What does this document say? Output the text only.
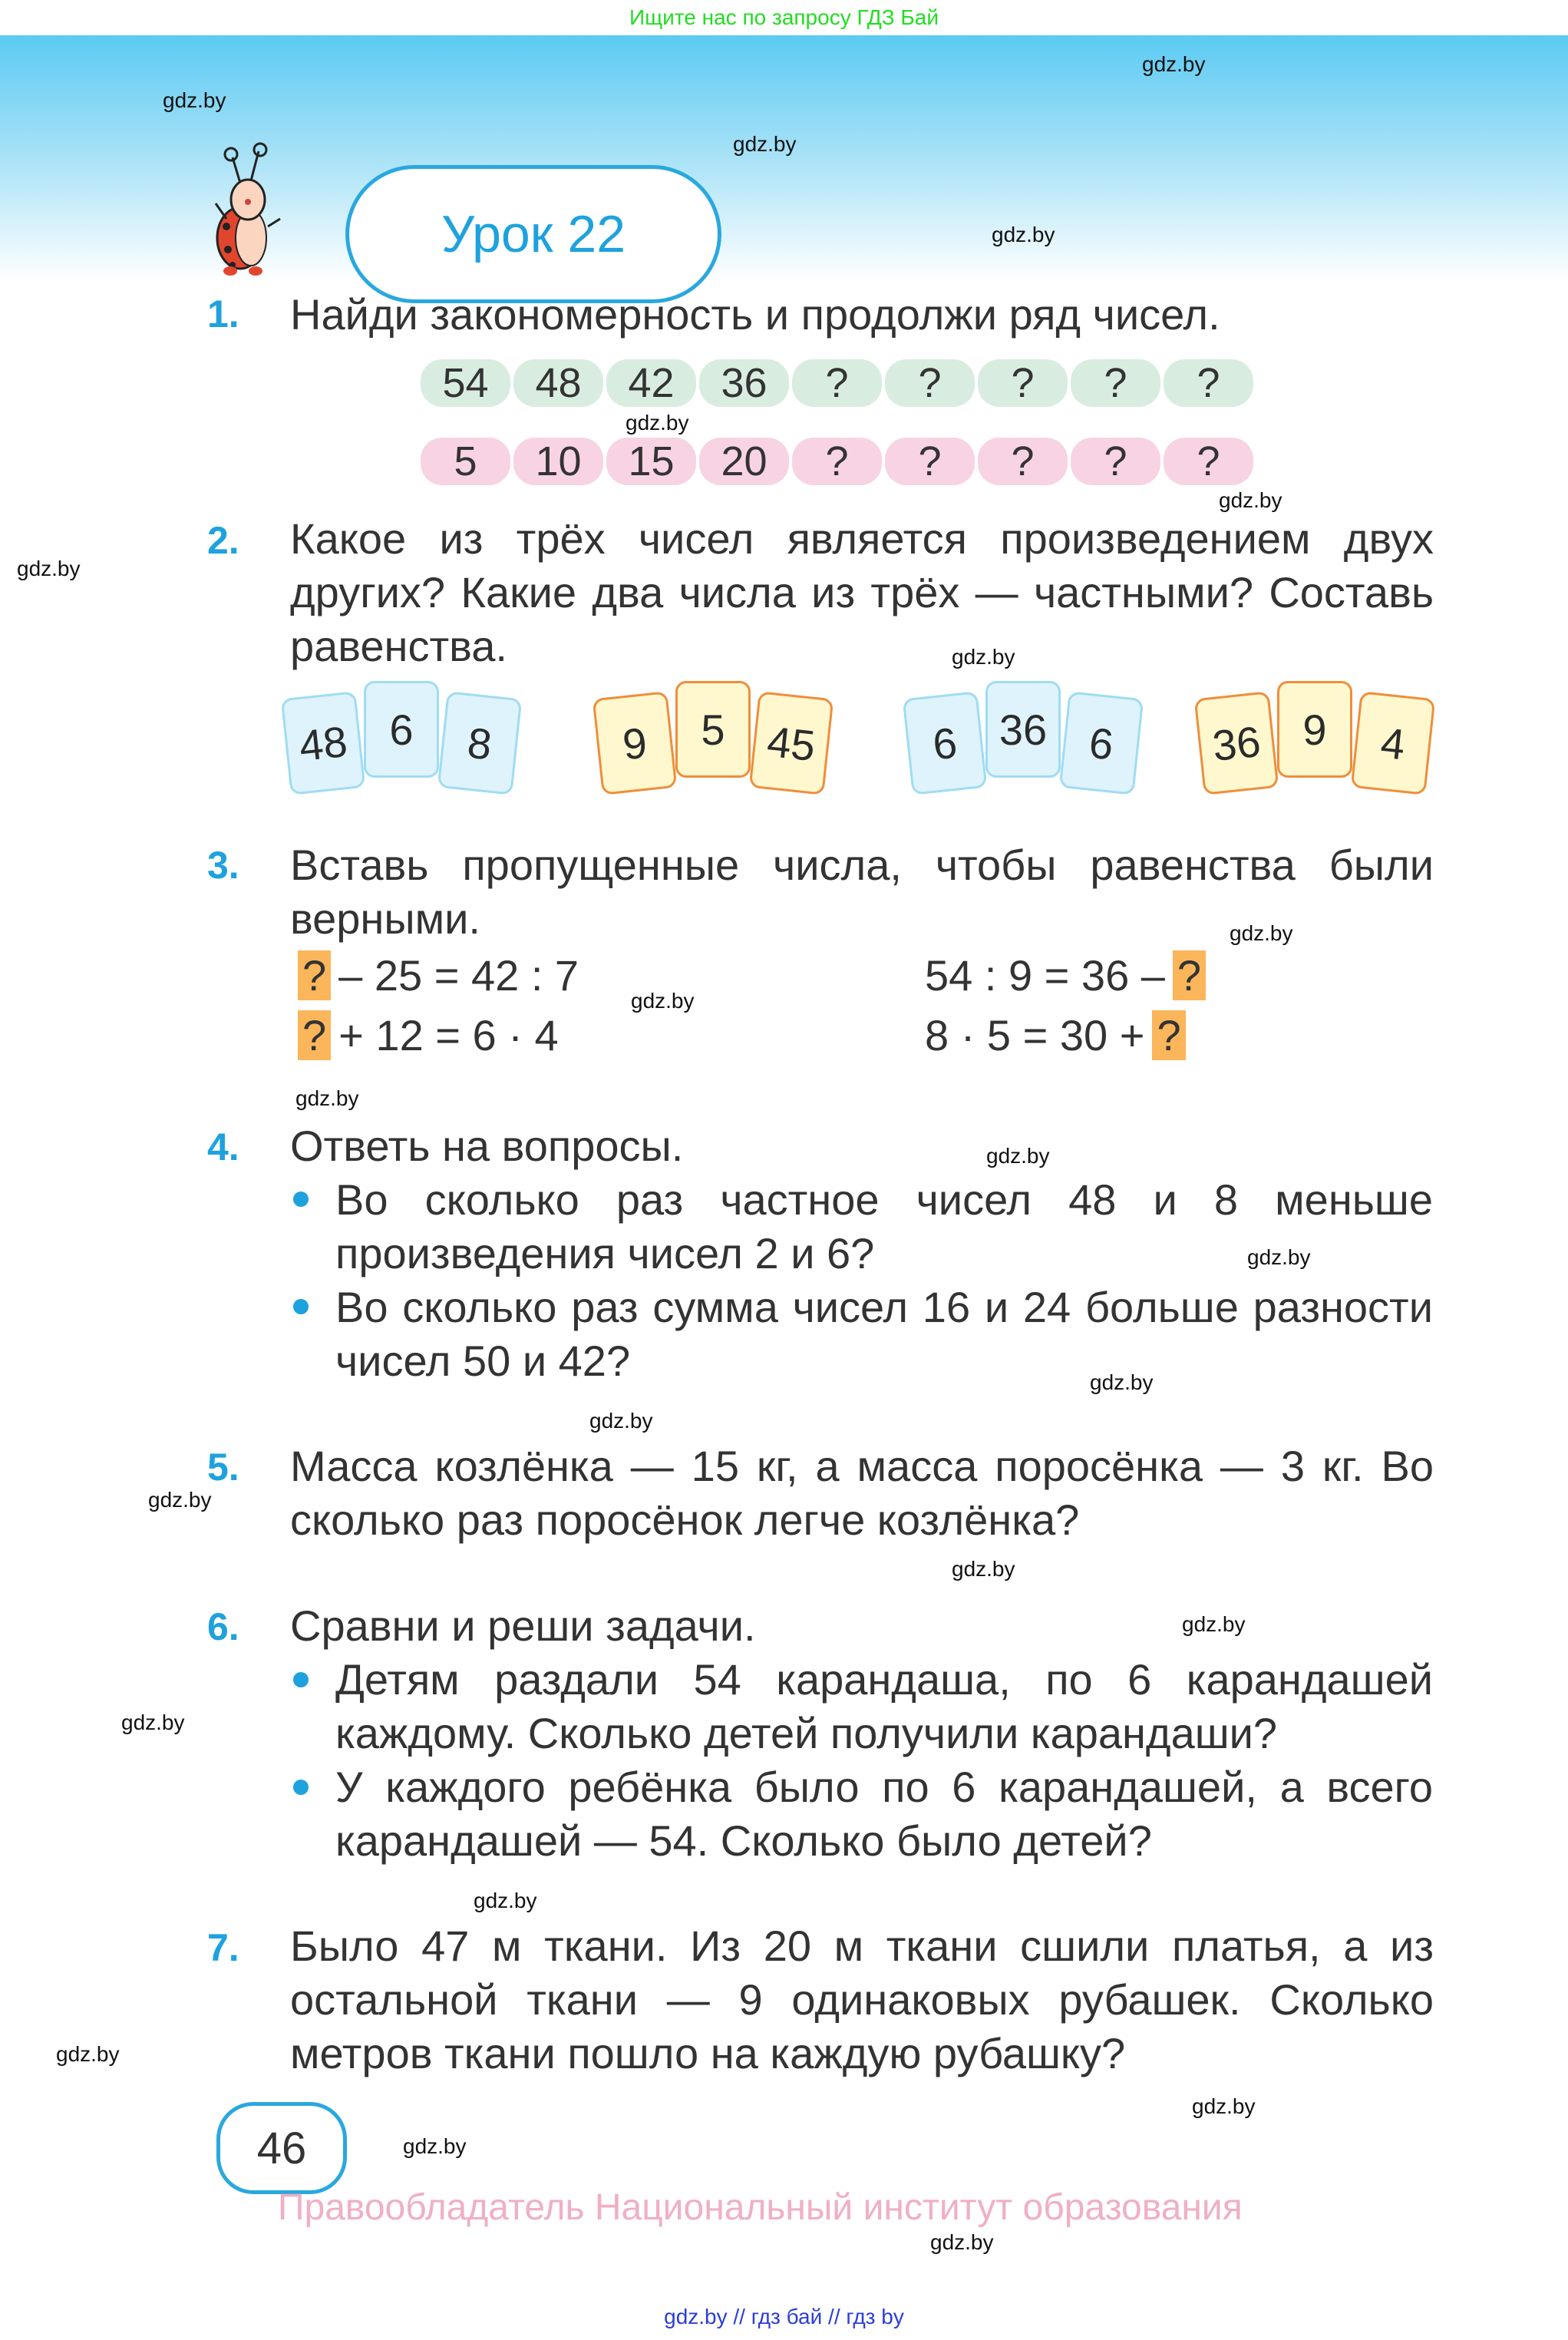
Ищите нас по запросу ГДЗ Бай
gdz.by
gdz.by
gdz.by
gdz.by
Урок 22
1. Найди закономерность и продолжи ряд чисел.
54	48	42	36	?	?	?	?	?
gdz.by
5	10	15	20	?	?	?	?	?
gdz.by
gdz.by
2. Какое из трёх чисел является произведением двух других? Какие два числа из трёх — частными? Составь равенства.	gdz.by
48 6	8	9	5 45	6 36 6	36 9	4
3. Вставь пропущенные числа, чтобы равенства были верными.	gdz.by
? – 25 = 42 : 7
gdz.by
54 : 9 = 36 – ?
? + 12 = 6 · 4	8 · 5 = 30 + ?
gdz.by
4. Ответь на вопросы.	gdz.by
Во сколько раз частное чисел 48 и 8 меньше произведения чисел 2 и 6?	gdz.by
Во сколько раз сумма чисел 16 и 24 больше разности чисел 50 и 42?	gdz.by
gdz.by
gdz.by
5. Масса козлёнка — 15 кг, а масса поросёнка — 3 кг. Во сколько раз поросёнок легче козлёнка?
gdz.by
6. Сравни и реши задачи.	gdz.by
gdz.by
Детям раздали 54 карандаша, по 6 карандашей каждому. Сколько детей получили карандаши?
У каждого ребёнка было по 6 карандашей, а всего карандашей — 54. Сколько было детей?
gdz.by
7. Было 47 м ткани. Из 20 м ткани сшили платья, а из остальной ткани — 9 одинаковых рубашек. Сколько метров ткани пошло на каждую рубашку?
gdz.by
gdz.by
46	gdz.by
Правообладатель Национальный институт образования
gdz.by
gdz.by // гдз бай // гдз by
